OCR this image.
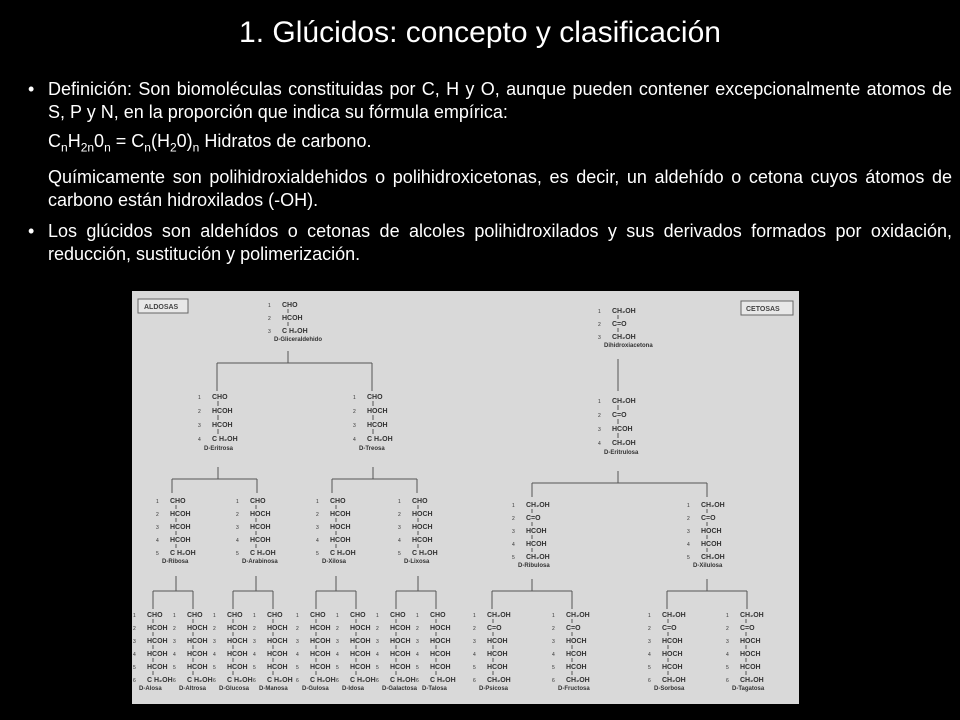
1. Glúcidos: concepto y clasificación
• Definición: Son biomoléculas constituidas por C, H y O, aunque pueden contener excepcionalmente atomos de S, P y N, en la proporción que indica su fórmula empírica:

$C_nH_{2n}0_n = C_n(H_20)_n$ Hidratos de carbono.

Químicamente son polihidroxialdehidos o polihidroxicetonas, es decir, un aldehído o cetona cuyos átomos de carbono están hidroxilados (-OH).

• Los glúcidos son aldehídos o cetonas de alcoles polihidroxilados y sus derivados formados por oxidación, reducción, sustitución y polimerización.

ALDOSAS	CETOSAS
1 CHO
2 HCOH
3 C H₂OH
D-Gliceraldehido
1 CHO
2 HCOH
3 HCOH
4 C H₂OH
D-Eritrosa
1 CHO
2 HOCH
3 HCOH
4 C H₂OH
D-Treosa
1 CHO
2 HCOH
3 HCOH
4 HCOH
5 C H₂OH
D-Ribosa
1 CHO
2 HOCH
3 HCOH
4 HCOH
5 C H₂OH
D-Arabinosa
1 CHO
2 HCOH
3 HOCH
4 HCOH
5 C H₂OH
D-Xilosa
1 CHO
2 HOCH
3 HOCH
4 HCOH
5 C H₂OH
D-Lixosa
1 CHO
2 HCOH
3 HCOH
4 HCOH
5 HCOH
6 C H₂OH
D-Alosa
1 CHO
2 HOCH
3 HCOH
4 HCOH
5 HCOH
6 C H₂OH
D-Altrosa
1 CHO
2 HCOH
3 HOCH
4 HCOH
5 HCOH
6 C H₂OH
D-Glucosa
1 CHO
2 HOCH
3 HOCH
4 HCOH
5 HCOH
6 C H₂OH
D-Manosa
1 CHO
2 HCOH
3 HCOH
4 HCOH
5 HCOH
6 C H₂OH
D-Gulosa
1 CHO
2 HOCH
3 HCOH
4 HCOH
5 HCOH
6 C H₂OH
D-Idosa
1 CHO
2 HCOH
3 HOCH
4 HCOH
5 HCOH
6 C H₂OH
D-Galactosa
1 CHO
2 HOCH
3 HOCH
4 HCOH
5 HCOH
6 C H₂OH
D-Talosa
1 CH₂OH
2 C=O
3 CH₂OH
Dihidroxiacetona
1 CH₂OH
2 C=O
3 HCOH
4 CH₂OH
D-Eritrulosa
1 CH₂OH
2 C=O
3 HCOH
4 HCOH
5 CH₂OH
D-Ribulosa
1 CH₂OH
2 C=O
3 HOCH
4 HCOH
5 CH₂OH
D-Xilulosa
1 CH₂OH
2 C=O
3 HCOH
4 HCOH
5 HCOH
6 CH₂OH
D-Psicosa
1 CH₂OH
2 C=O
3 HOCH
4 HCOH
5 HCOH
6 CH₂OH
D-Fructosa
1 CH₂OH
2 C=O
3 HCOH
4 HOCH
5 HCOH
6 CH₂OH
D-Sorbosa
1 CH₂OH
2 C=O
3 HOCH
4 HOCH
5 HCOH
6 CH₂OH
D-Tagatosa
